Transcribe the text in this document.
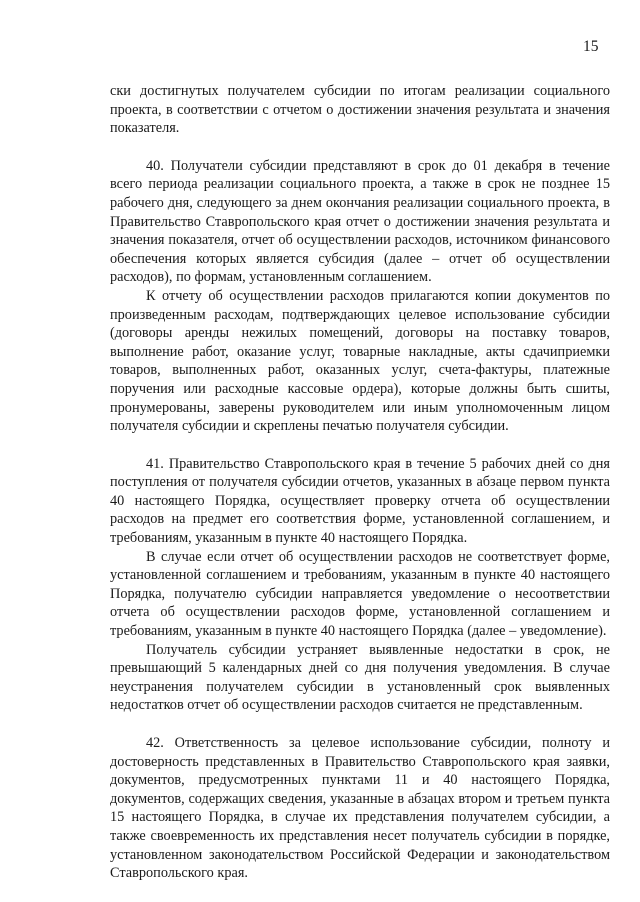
15

ски достигнутых получателем субсидии по итогам реализации социального проекта, в соответствии с отчетом о достижении значения результата и значения показателя.

40. Получатели субсидии представляют в срок до 01 декабря в течение всего периода реализации социального проекта, а также в срок не позднее 15 рабочего дня, следующего за днем окончания реализации социального проекта, в Правительство Ставропольского края отчет о достижении значения результата и значения показателя, отчет об осуществлении расходов, источником финансового обеспечения которых является субсидия (далее – отчет об осуществлении расходов), по формам, установленным соглашением.

К отчету об осуществлении расходов прилагаются копии документов по произведенным расходам, подтверждающих целевое использование субсидии (договоры аренды нежилых помещений, договоры на поставку товаров, выполнение работ, оказание услуг, товарные накладные, акты сдачиприемки товаров, выполненных работ, оказанных услуг, счета-фактуры, платежные поручения или расходные кассовые ордера), которые должны быть сшиты, пронумерованы, заверены руководителем или иным уполномоченным лицом получателя субсидии и скреплены печатью получателя субсидии.

41. Правительство Ставропольского края в течение 5 рабочих дней со дня поступления от получателя субсидии отчетов, указанных в абзаце первом пункта 40 настоящего Порядка, осуществляет проверку отчета об осуществлении расходов на предмет его соответствия форме, установленной соглашением, и требованиям, указанным в пункте 40 настоящего Порядка.

В случае если отчет об осуществлении расходов не соответствует форме, установленной соглашением и требованиям, указанным в пункте 40 настоящего Порядка, получателю субсидии направляется уведомление о несоответствии отчета об осуществлении расходов форме, установленной соглашением и требованиям, указанным в пункте 40 настоящего Порядка (далее – уведомление).

Получатель субсидии устраняет выявленные недостатки в срок, не превышающий 5 календарных дней со дня получения уведомления. В случае неустранения получателем субсидии в установленный срок выявленных недостатков отчет об осуществлении расходов считается не представленным.

42. Ответственность за целевое использование субсидии, полноту и достоверность представленных в Правительство Ставропольского края заявки, документов, предусмотренных пунктами 11 и 40 настоящего Порядка, документов, содержащих сведения, указанные в абзацах втором и третьем пункта 15 настоящего Порядка, в случае их представления получателем субсидии, а также своевременность их представления несет получатель субсидии в порядке, установленном законодательством Российской Федерации и законодательством Ставропольского края.
